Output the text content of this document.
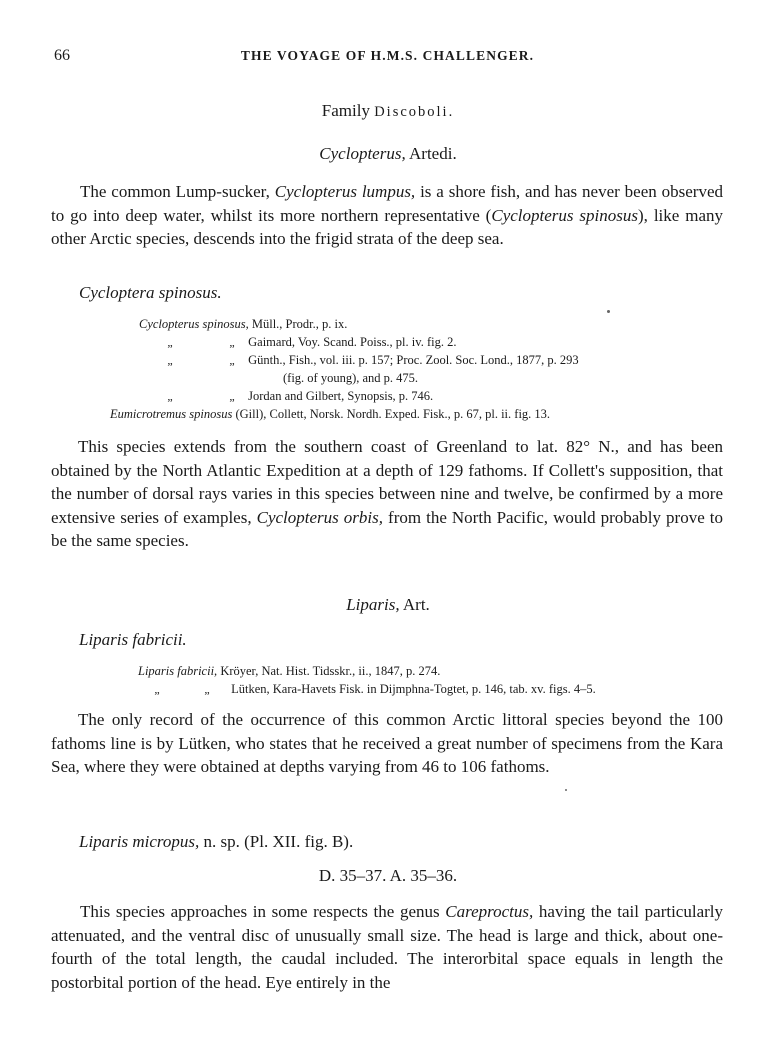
66	THE VOYAGE OF H.M.S. CHALLENGER.
Family Discoboli.
Cyclopterus, Artedi.

The common Lump-sucker, Cyclopterus lumpus, is a shore fish, and has never been observed to go into deep water, whilst its more northern representative (Cyclopterus spinosus), like many other Arctic species, descends into the frigid strata of the deep sea.

Cycloptera spinosus.
Cyclopterus spinosus, Müll., Prodr., p. ix.
„	„ Gaimard, Voy. Scand. Poiss., pl. iv. fig. 2.
„	„ Günth., Fish., vol. iii. p. 157; Proc. Zool. Soc. Lond., 1877, p. 293
(fig. of young), and p. 475.
„	„ Jordan and Gilbert, Synopsis, p. 746.
Eumicrotremus spinosus (Gill), Collett, Norsk. Nordh. Exped. Fisk., p. 67, pl. ii. fig. 13.

This species extends from the southern coast of Greenland to lat. 82° N., and has been obtained by the North Atlantic Expedition at a depth of 129 fathoms. If Collett's supposition, that the number of dorsal rays varies in this species between nine and twelve, be confirmed by a more extensive series of examples, Cyclopterus orbis, from the North Pacific, would probably prove to be the same species.

Liparis, Art.
Liparis fabricii.
Liparis fabricii, Kröyer, Nat. Hist. Tidsskr., ii., 1847, p. 274.
„	„ Lütken, Kara-Havets Fisk. in Dijmphna-Togtet, p. 146, tab. xv. figs. 4–5.

The only record of the occurrence of this common Arctic littoral species beyond the 100 fathoms line is by Lütken, who states that he received a great number of specimens from the Kara Sea, where they were obtained at depths varying from 46 to 106 fathoms.

Liparis micropus, n. sp. (Pl. XII. fig. B).
D. 35–37. A. 35–36.

This species approaches in some respects the genus Careproctus, having the tail particularly attenuated, and the ventral disc of unusually small size. The head is large and thick, about one-fourth of the total length, the caudal included. The interorbital space equals in length the postorbital portion of the head. Eye entirely in the
